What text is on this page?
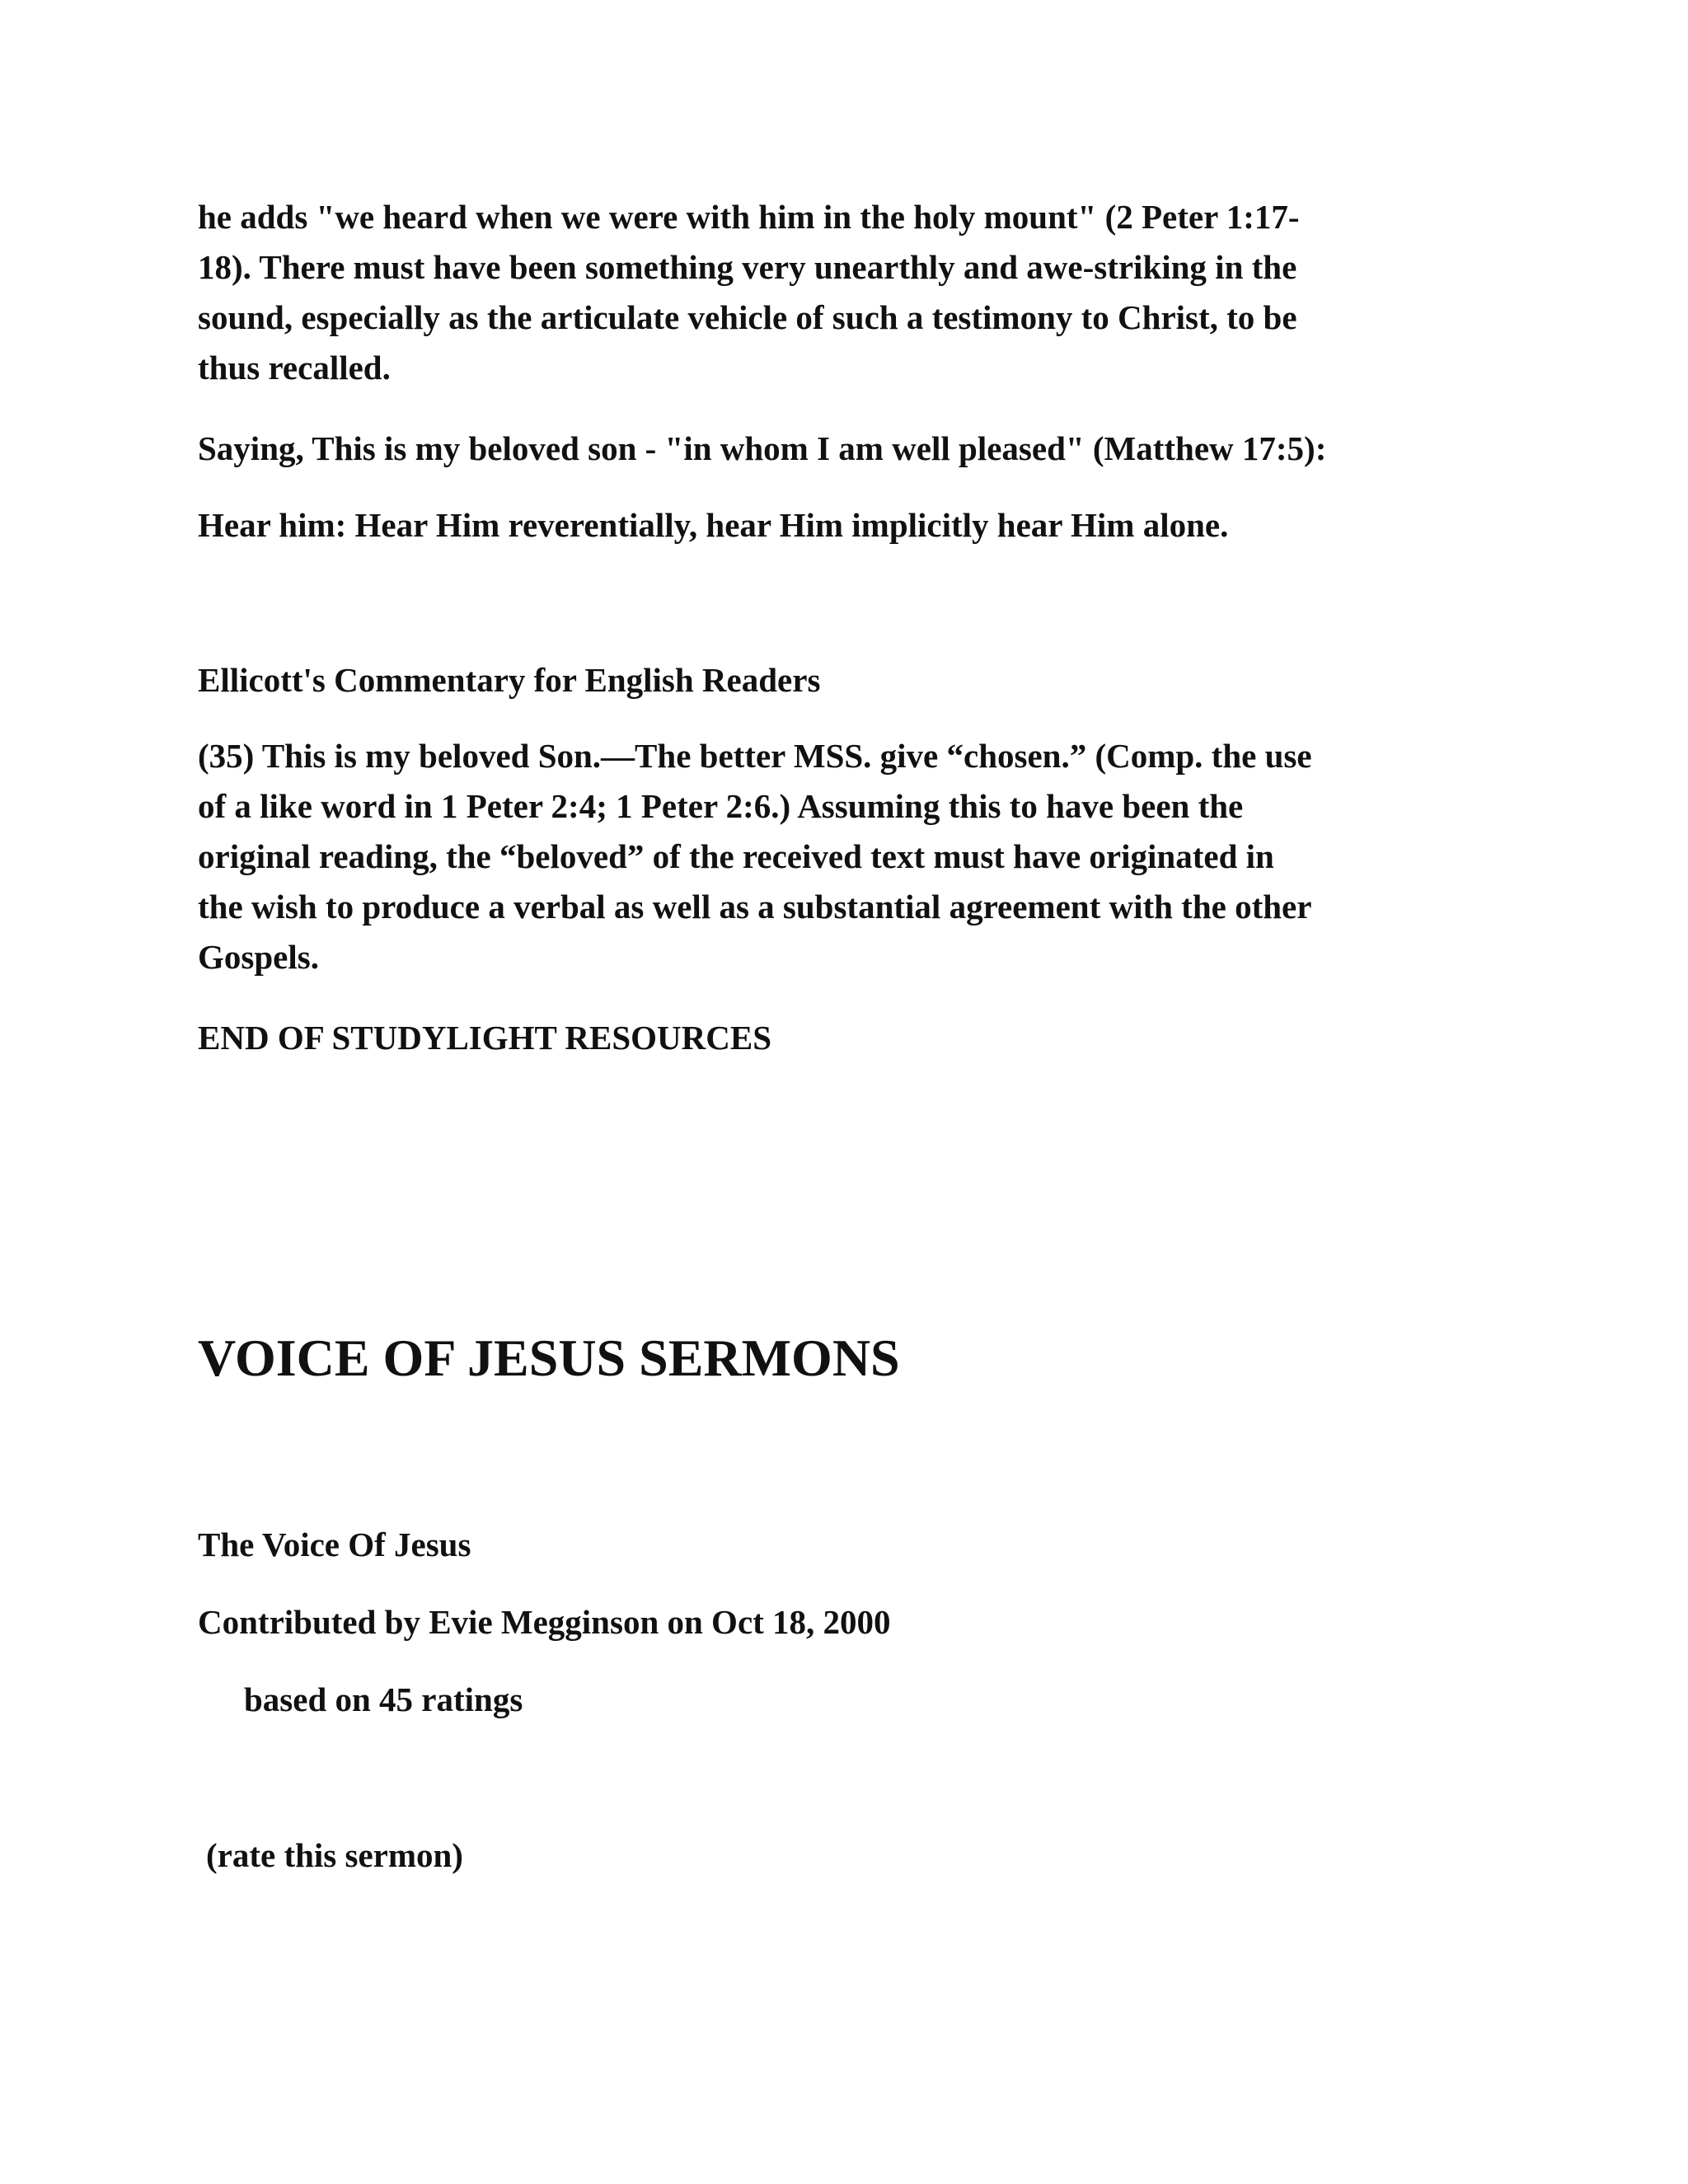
he adds "we heard when we were with him in the holy mount" (2 Peter 1:17-
18). There must have been something very unearthly and awe-striking in the
sound, especially as the articulate vehicle of such a testimony to Christ, to be
thus recalled.

Saying, This is my beloved son - "in whom I am well pleased" (Matthew 17:5):

Hear him: Hear Him reverentially, hear Him implicitly hear Him alone.

Ellicott's Commentary for English Readers

(35) This is my beloved Son.—The better MSS. give “chosen.” (Comp. the use
of a like word in 1 Peter 2:4; 1 Peter 2:6.) Assuming this to have been the
original reading, the “beloved” of the received text must have originated in
the wish to produce a verbal as well as a substantial agreement with the other
Gospels.

END OF STUDYLIGHT RESOURCES

VOICE OF JESUS SERMONS

The Voice Of Jesus

Contributed by Evie Megginson on Oct 18, 2000

based on 45 ratings

(rate this sermon)
